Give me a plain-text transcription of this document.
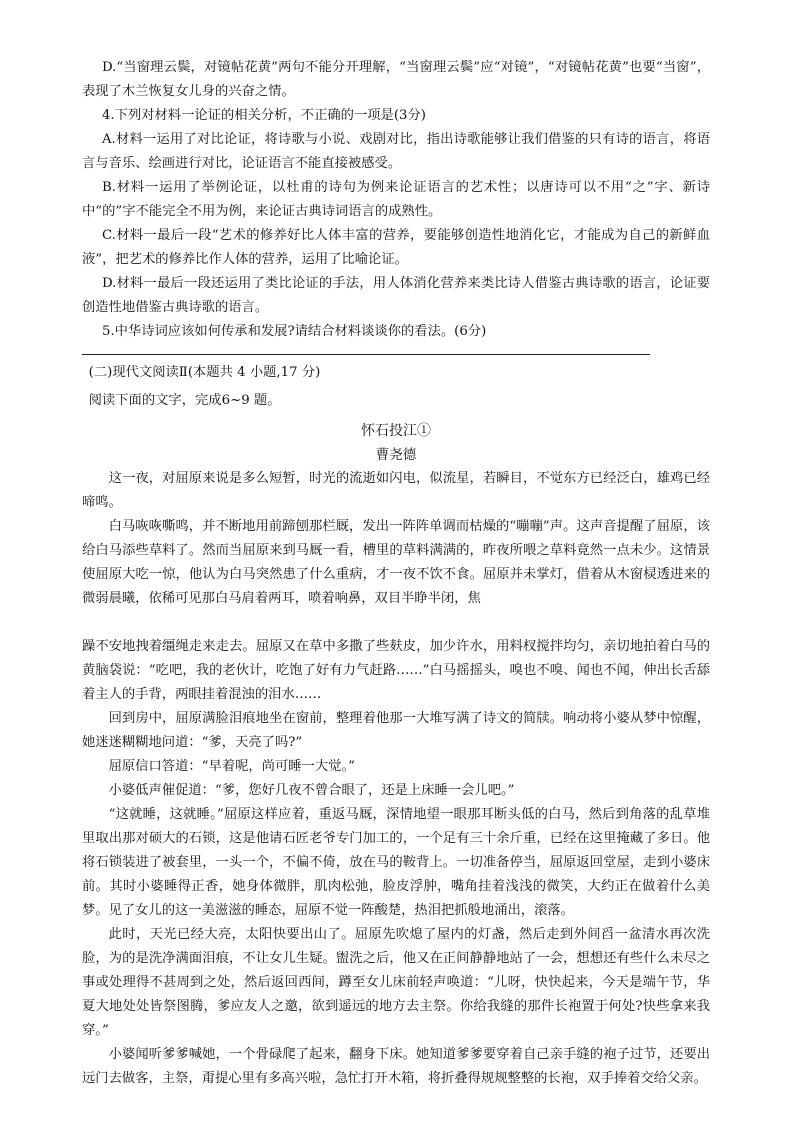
D.“当窗理云鬓，对镜帖花黄”两句不能分开理解，“当窗理云鬓”应“对镜”，“对镜帖花黄”也要“当窗”，表现了木兰恢复女儿身的兴奋之情。

4.下列对材料一论证的相关分析，不正确的一项是(3分)

A.材料一运用了对比论证，将诗歌与小说、戏剧对比，指出诗歌能够让我们借鉴的只有诗的语言，将语言与音乐、绘画进行对比，论证语言不能直接被感受。

B.材料一运用了举例论证，以杜甫的诗句为例来论证语言的艺术性；以唐诗可以不用“之”字、新诗中“的”字不能完全不用为例，来论证古典诗词语言的成熟性。

C.材料一最后一段“艺术的修养好比人体丰富的营养，要能够创造性地消化它，才能成为自己的新鲜血液”，把艺术的修养比作人体的营养，运用了比喻论证。

D.材料一最后一段还运用了类比论证的手法，用人体消化营养来类比诗人借鉴古典诗歌的语言，论证要创造性地借鉴古典诗歌的语言。

5.中华诗词应该如何传承和发展?请结合材料谈谈你的看法。(6分)

(二)现代文阅读Ⅱ(本题共 4 小题,17 分)

阅读下面的文字，完成6~9 题。

怀石投江①

曹尧德

这一夜，对屈原来说是多么短暂，时光的流逝如闪电，似流星，若瞬目，不觉东方已经泛白，雄鸡已经啼鸣。

白马咴咴嘶鸣，并不断地用前蹄刨那栏厩，发出一阵阵单调而枯燥的“嘣嘣”声。这声音提醒了屈原，该给白马添些草料了。然而当屈原来到马厩一看，槽里的草料满满的，昨夜所喂之草料竟然一点未少。这情景使屈原大吃一惊，他认为白马突然患了什么重病，才一夜不饮不食。屈原并未掌灯，借着从木窗棂透进来的微弱晨曦，依稀可见那白马肩着两耳，喷着响鼻，双目半睁半闭，焦

躁不安地拽着缰绳走来走去。屈原又在草中多撒了些麸皮，加少许水，用料杈搅拌均匀，亲切地拍着白马的黄脑袋说：“吃吧，我的老伙计，吃饱了好有力气赶路……”白马摇摇头，嗅也不嗅、闻也不闻，伸出长舌舔着主人的手背，两眼挂着混浊的泪水……

回到房中，屈原满脸泪痕地坐在窗前，整理着他那一大堆写满了诗文的简牍。响动将小婆从梦中惊醒，她迷迷糊糊地问道：“爹，天亮了吗?”

屈原信口答道：“早着呢，尚可睡一大觉。”

小婆低声催促道：“爹，您好几夜不曾合眼了，还是上床睡一会儿吧。”

“这就睡，这就睡。”屈原这样应着，重返马厩，深情地望一眼那耳断头低的白马，然后到角落的乱草堆里取出那对硕大的石锁，这是他请石匠老爷专门加工的，一个足有三十余斤重，已经在这里掩藏了多日。他将石锁装进了被套里，一头一个，不偏不倚，放在马的鞍背上。一切准备停当，屈原返回堂屋，走到小婆床前。其时小婆睡得正香，她身体微胖，肌肉松弛，脸皮浮肿，嘴角挂着浅浅的微笑，大约正在做着什么美梦。见了女儿的这一美滋滋的睡态，屈原不觉一阵酸楚，热泪把抓般地涌出，滚落。

此时，天光已经大亮，太阳快要出山了。屈原先吹熄了屋内的灯盏，然后走到外间舀一盆清水再次洗脸，为的是洗净满面泪痕，不让女儿生疑。盥洗之后，他又在正间静静地站了一会，想想还有些什么未尽之事或处理得不甚周到之处，然后返回西间，蹲至女儿床前轻声唤道：“儿呀，快快起来，今天是端午节，华夏大地处处皆祭图腾，爹应友人之邀，欲到遥远的地方去主祭。你给我缝的那件长袍置于何处?快些拿来我穿。”

小婆闻听爹爹喊她，一个骨碌爬了起来，翻身下床。她知道爹爹要穿着自己亲手缝的袍子过节，还要出远门去做客，主祭，甭提心里有多高兴啦，急忙打开木箱，将折叠得规规整整的长袍，双手捧着交给父亲。
